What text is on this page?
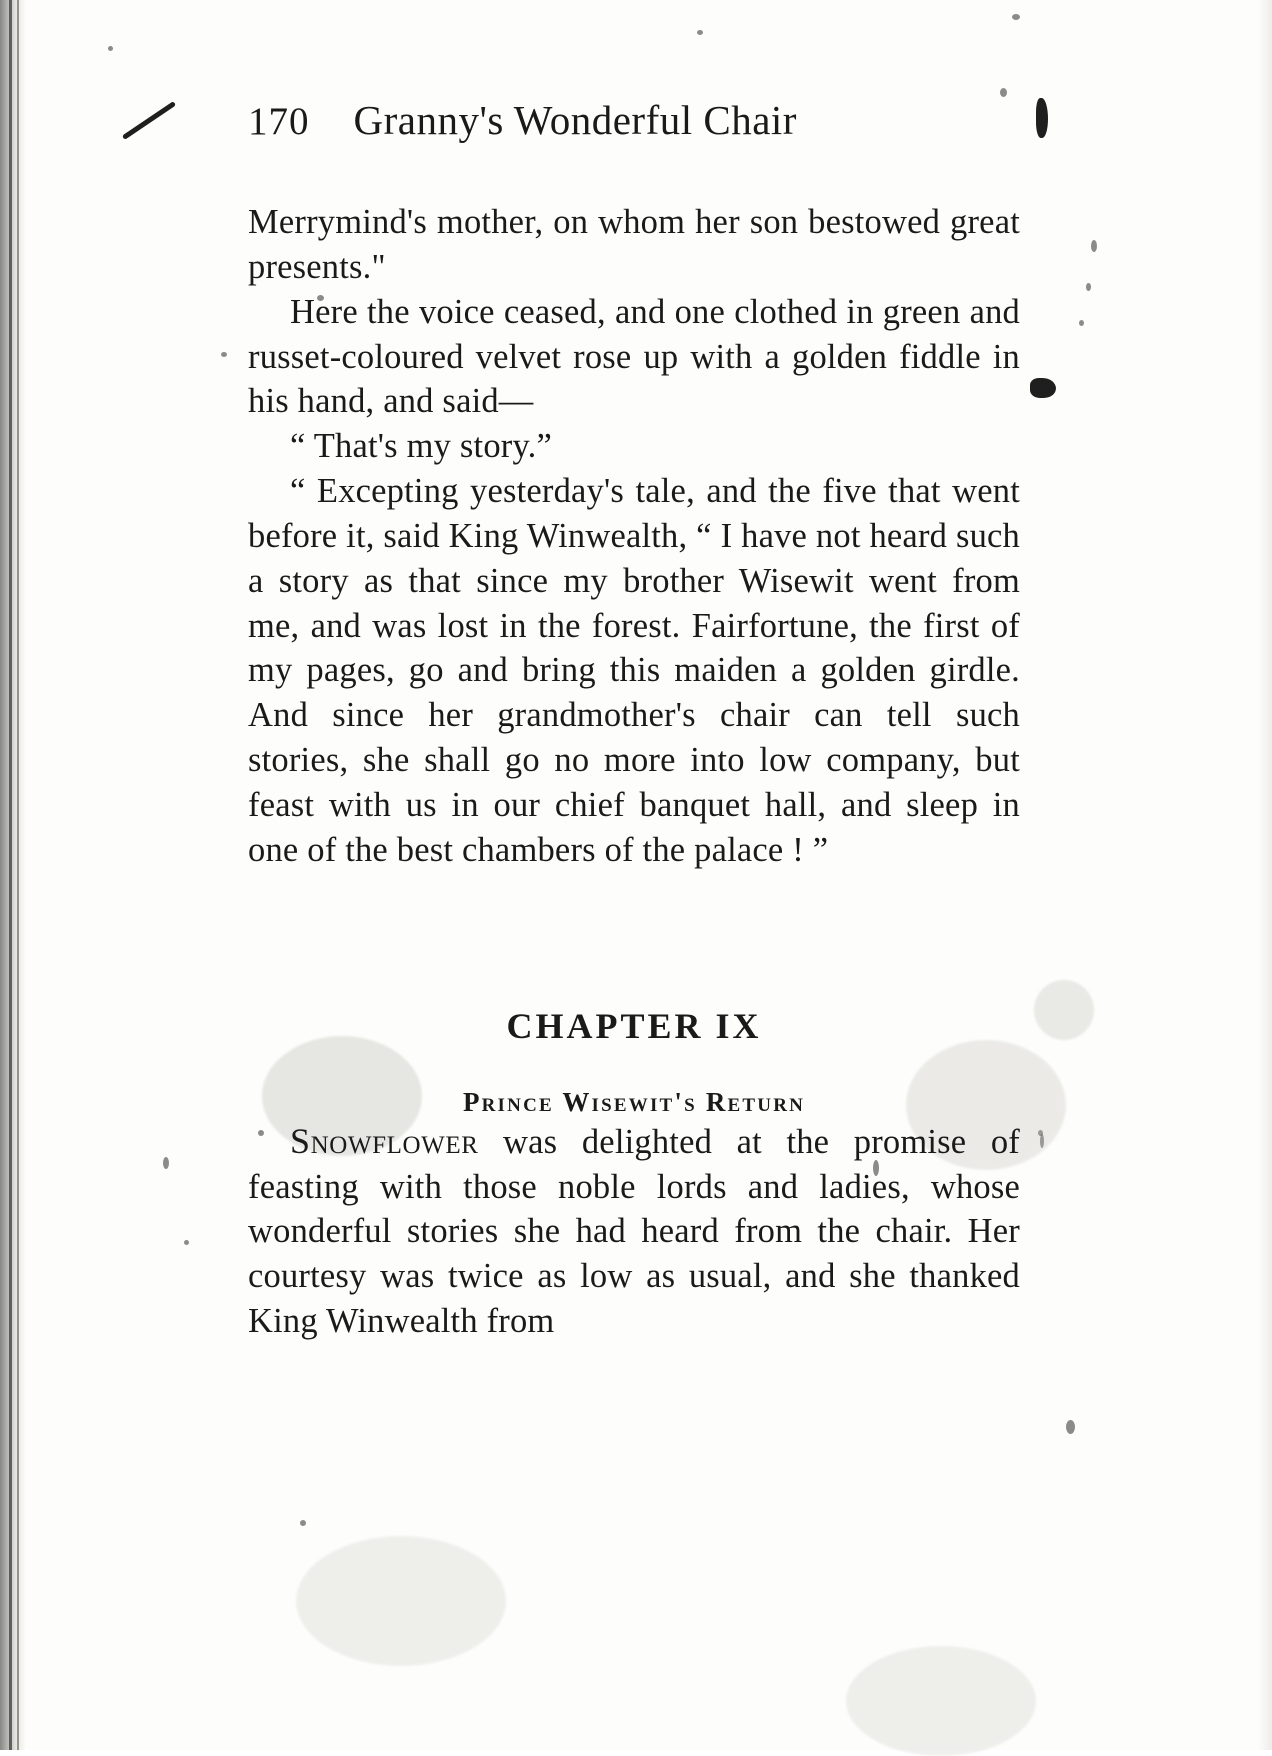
170 Granny's Wonderful Chair

Merrymind's mother, on whom her son bestowed great presents."

Here the voice ceased, and one clothed in green and russet-coloured velvet rose up with a golden fiddle in his hand, and said—

“ That's my story.”

“ Excepting yesterday's tale, and the five that went before it, said King Winwealth, “ I have not heard such a story as that since my brother Wisewit went from me, and was lost in the forest. Fairfortune, the first of my pages, go and bring this maiden a golden girdle. And since her grandmother's chair can tell such stories, she shall go no more into low company, but feast with us in our chief banquet hall, and sleep in one of the best chambers of the palace ! ”

CHAPTER IX
Prince Wisewit's Return

Snowflower was delighted at the promise of feasting with those noble lords and ladies, whose wonderful stories she had heard from the chair. Her courtesy was twice as low as usual, and she thanked King Winwealth from
